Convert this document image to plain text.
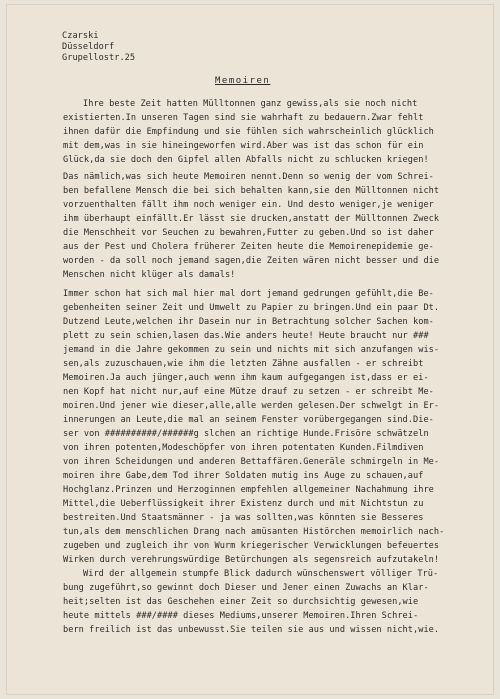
Czarski
Düsseldorf
Grupellostr.25
Memoiren
Ihre beste Zeit hatten Mülltonnen ganz gewiss,als sie noch nicht
existierten.In unseren Tagen sind sie wahrhaft zu bedauern.Zwar fehlt
ihnen dafür die Empfindung und sie fühlen sich wahrscheinlich glücklich
mit dem,was in sie hineingeworfen wird.Aber was ist das schon für ein
Glück,da sie doch den Gipfel allen Abfalls nicht zu schlucken kriegen!
Das nämlich,was sich heute Memoiren nennt.Denn so wenig der vom Schrei-
ben befallene Mensch die bei sich behalten kann,sie den Mülltonnen nicht
vorzuenthalten fällt ihm noch weniger ein. Und desto weniger,je weniger
ihm überhaupt einfällt.Er lässt sie drucken,anstatt der Mülltonnen Zweck
die Menschheit vor Seuchen zu bewahren,Futter zu geben.Und so ist daher
aus der Pest und Cholera früherer Zeiten heute die Memoirenepidemie ge-
worden - da soll noch jemand sagen,die Zeiten wären nicht besser und die
Menschen nicht klüger als damals!
Immer schon hat sich mal hier mal dort jemand gedrungen gefühlt,die Be-
gebenheiten seiner Zeit und Umwelt zu Papier zu bringen.Und ein paar Dt.
Dutzend Leute,welchen ihr Dasein nur in Betrachtung solcher Sachen kom-
plett zu sein schien,lasen das.Wie anders heute! Heute braucht nur ###
jemand in die Jahre gekommen zu sein und nichts mit sich anzufangen wis-
sen,als zuzuschauen,wie ihm die letzten Zähne ausfallen - er schreibt
Memoiren.Ja auch jünger,auch wenn ihm kaum aufgegangen ist,dass er ei-
nen Kopf hat nicht nur,auf eine Mütze drauf zu setzen - er schreibt Me-
moiren.Und jener wie dieser,alle,alle werden gelesen.Der schwelgt in Er-
innerungen an Leute,die mal an seinem Fenster vorübergegangen sind.Die-
ser von ##########/######g slchen an richtige Hunde.Frisöre schwätzeln
von ihren potenten,Modeschöpfer von ihren potentaten Kunden.Filmdiven
von ihren Scheidungen und anderen Bettaffären.Generäle schmirgeln in Me-
moiren ihre Gabe,dem Tod ihrer Soldaten mutig ins Auge zu schauen,auf
Hochglanz.Prinzen und Herzoginnen empfehlen allgemeiner Nachahmung ihre
Mittel,die Ueberflüssigkeit ihrer Existenz durch und mit Nichtstun zu
bestreiten.Und Staatsmänner - ja was sollten,was könnten sie Besseres
tun,als dem menschlichen Drang nach amüsanten Histörchen memoirlich nach-
zugeben und zugleich ihr von Wurm kriegerischer Verwicklungen befeuertes
Wirken durch verehrungswürdige Betürchungen als segensreich aufzutakeln!
Wird der allgemein stumpfe Blick dadurch wünschenswert völliger Trü-
bung zugeführt,so gewinnt doch Dieser und Jener einen Zuwachs an Klar-
heit;selten ist das Geschehen einer Zeit so durchsichtig gewesen,wie
heute mittels ###/#### dieses Mediums,unserer Memoiren.Ihren Schrei-
bern freilich ist das unbewusst.Sie teilen sie aus und wissen nicht,wie.
